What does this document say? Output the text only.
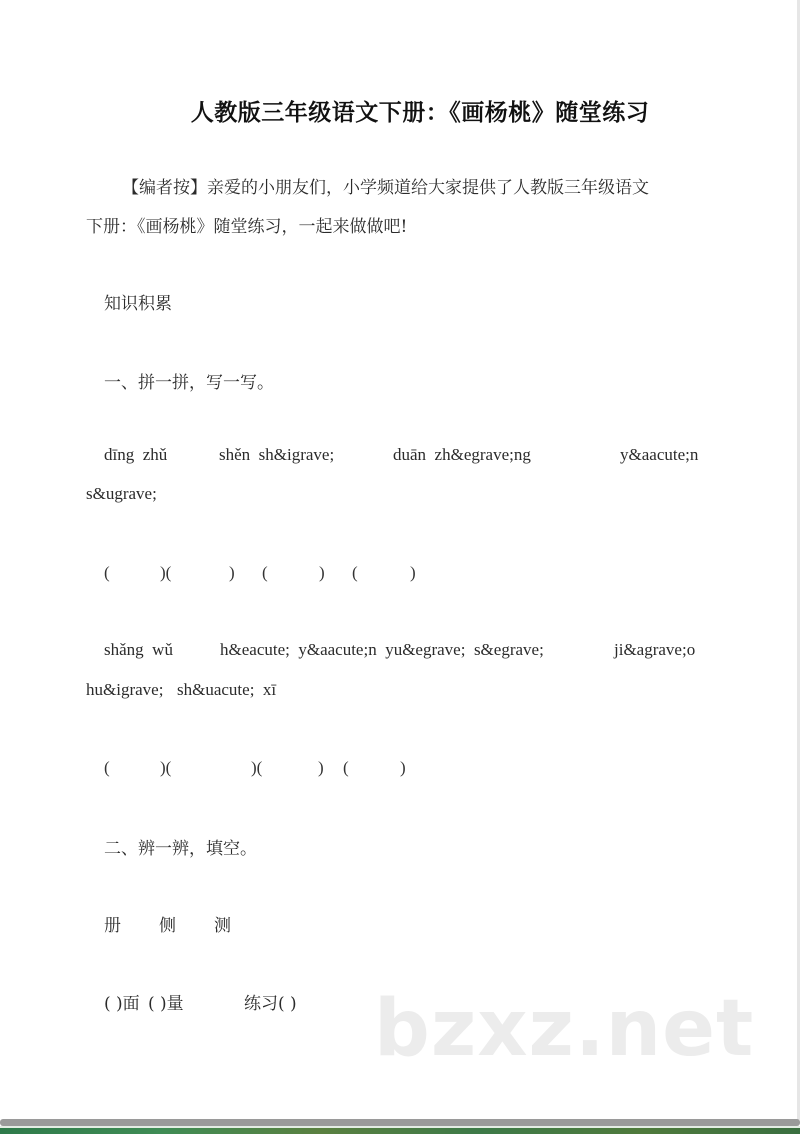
人教版三年级语文下册：《画杨桃》随堂练习
【编者按】亲爱的小朋友们，小学频道给大家提供了人教版三年级语文
下册：《画杨桃》随堂练习，一起来做做吧!
知识积累
一、拼一拼，写一写。
dīng  zhǔ	shěn  sh&igrave;	duān  zh&egrave;ng	y&aacute;n
s&ugrave;
(	)(	) (	) (	)
shǎng  wǔ	h&eacute;  y&aacute;n  yu&egrave;  s&egrave;	ji&agrave;o
hu&igrave; sh&uacute;  xī
(	)(	)(	) (	)
二、辨一辨，填空。
册 侧 测
( )面 ( )量	练习( ) bzxz.net
